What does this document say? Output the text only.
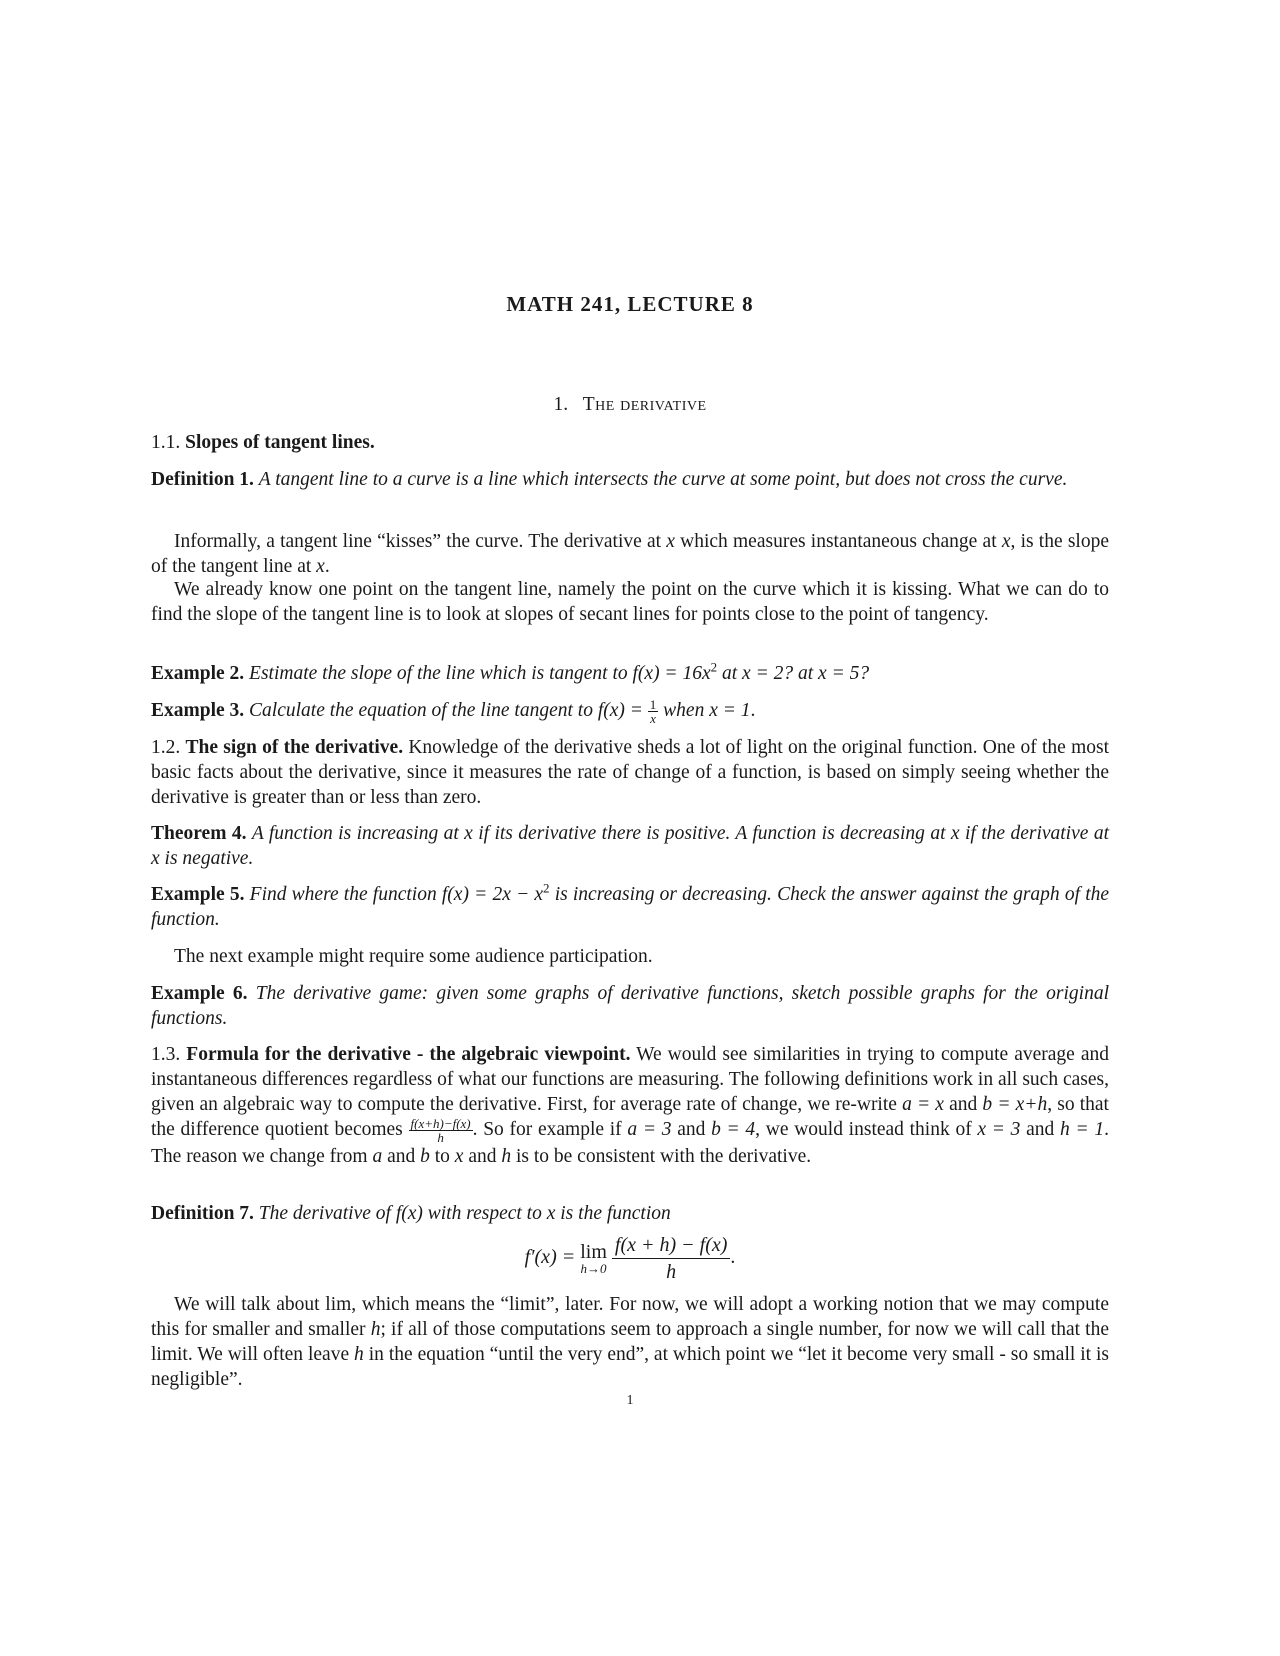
MATH 241, LECTURE 8
1. The derivative
1.1. Slopes of tangent lines.

Definition 1. A tangent line to a curve is a line which intersects the curve at some point, but does not cross the curve.

Informally, a tangent line “kisses” the curve. The derivative at x which measures instantaneous change at x, is the slope of the tangent line at x.

We already know one point on the tangent line, namely the point on the curve which it is kissing. What we can do to find the slope of the tangent line is to look at slopes of secant lines for points close to the point of tangency.

Example 2. Estimate the slope of the line which is tangent to $f(x) = 16x^2$ at x = 2? at x = 5?

Example 3. Calculate the equation of the line tangent to $f(x) = \frac{1}{x}$ when x = 1.

1.2. The sign of the derivative. Knowledge of the derivative sheds a lot of light on the original function. One of the most basic facts about the derivative, since it measures the rate of change of a function, is based on simply seeing whether the derivative is greater than or less than zero.

Theorem 4. A function is increasing at x if its derivative there is positive. A function is decreasing at x if the derivative at x is negative.

Example 5. Find where the function $f(x) = 2x - x^2$ is increasing or decreasing. Check the answer against the graph of the function.

The next example might require some audience participation.

Example 6. The derivative game: given some graphs of derivative functions, sketch possible graphs for the original functions.

1.3. Formula for the derivative - the algebraic viewpoint. We would see similarities in trying to compute average and instantaneous differences regardless of what our functions are measuring. The following definitions work in all such cases, given an algebraic way to compute the derivative. First, for average rate of change, we re-write a = x and b = x+h, so that the difference quotient becomes $\frac{f(x+h)-f(x)}{h}$ . So for example if a = 3 and b = 4, we would instead think of x = 3 and h = 1. The reason we change from a and b to x and h is to be consistent with the derivative.

Definition 7. The derivative of f(x) with respect to x is the function

f′(x) = lim
h→0
$\frac{f(x + h) - f(x)}{h}$ .

We will talk about lim, which means the “limit”, later. For now, we will adopt a working notion that we may compute this for smaller and smaller h; if all of those computations seem to approach a single number, for now we will call that the limit. We will often leave h in the equation “until the very end”, at which point we “let it become very small - so small it is negligible”.

1
